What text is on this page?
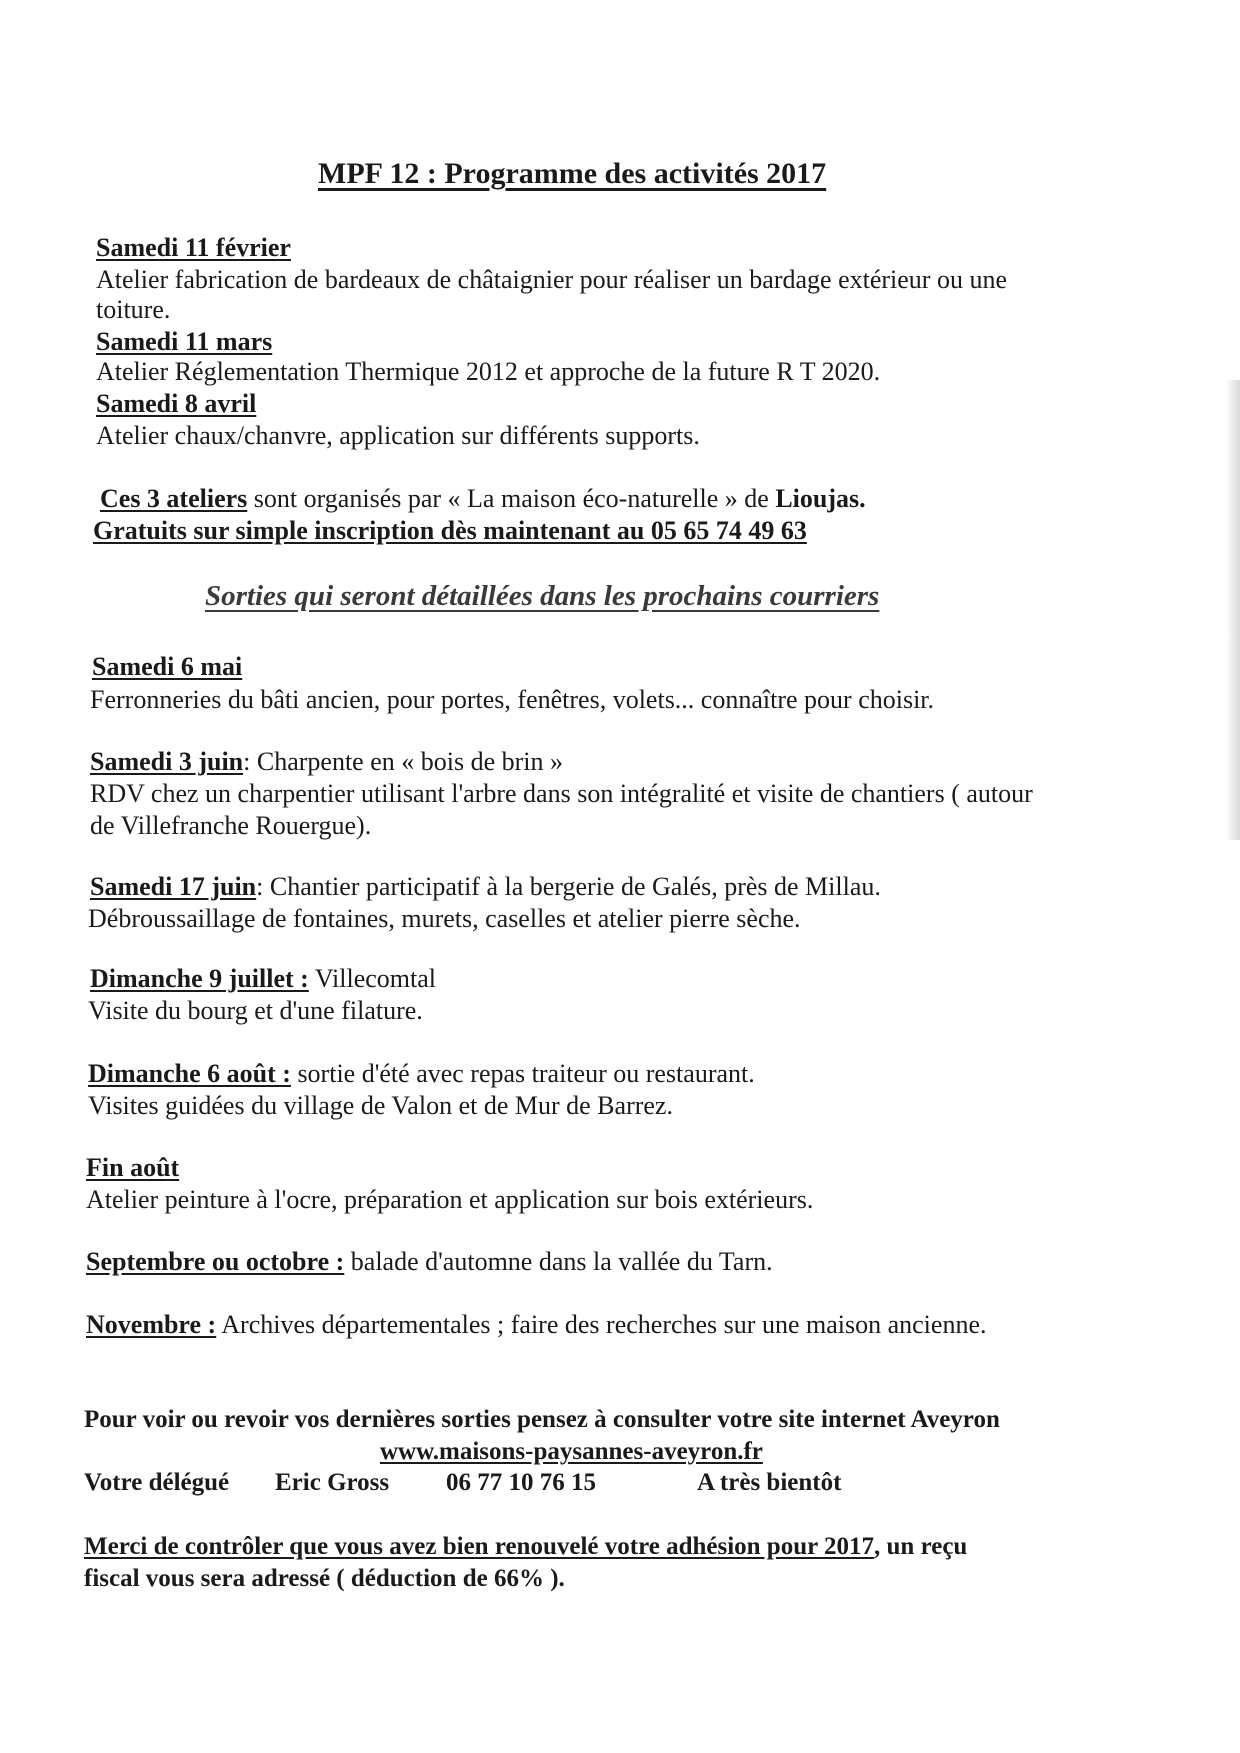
MPF 12 : Programme des activités 2017
Samedi 11 février
Atelier fabrication de bardeaux de châtaignier pour réaliser un bardage extérieur ou une
toiture.
Samedi 11 mars
Atelier Réglementation Thermique 2012 et approche de la future R T 2020.
Samedi 8 avril
Atelier chaux/chanvre, application sur différents supports.
Ces 3 ateliers sont organisés par « La maison éco-naturelle » de Lioujas.
Gratuits sur simple inscription dès maintenant au 05 65 74 49 63
Sorties qui seront détaillées dans les prochains courriers
Samedi 6 mai
Ferronneries du bâti ancien, pour portes, fenêtres, volets... connaître pour choisir.
Samedi 3 juin: Charpente en « bois de brin »
RDV chez un charpentier utilisant l'arbre dans son intégralité et visite de chantiers ( autour
de Villefranche Rouergue).
Samedi 17 juin: Chantier participatif à la bergerie de Galés, près de Millau.
Débroussaillage de fontaines, murets, caselles et atelier pierre sèche.
Dimanche 9 juillet : Villecomtal
Visite du bourg et d'une filature.
Dimanche 6 août : sortie d'été avec repas traiteur ou restaurant.
Visites guidées du village de Valon et de Mur de Barrez.
Fin août
Atelier peinture à l'ocre, préparation et application sur bois extérieurs.
Septembre ou octobre : balade d'automne dans la vallée du Tarn.
Novembre : Archives départementales ; faire des recherches sur une maison ancienne.
Pour voir ou revoir vos dernières sorties pensez à consulter votre site internet Aveyron
www.maisons-paysannes-aveyron.fr
Votre délégué Eric Gross 06 77 10 76 15	A très bientôt
Merci de contrôler que vous avez bien renouvelé votre adhésion pour 2017, un reçu
fiscal vous sera adressé ( déduction de 66% ).
